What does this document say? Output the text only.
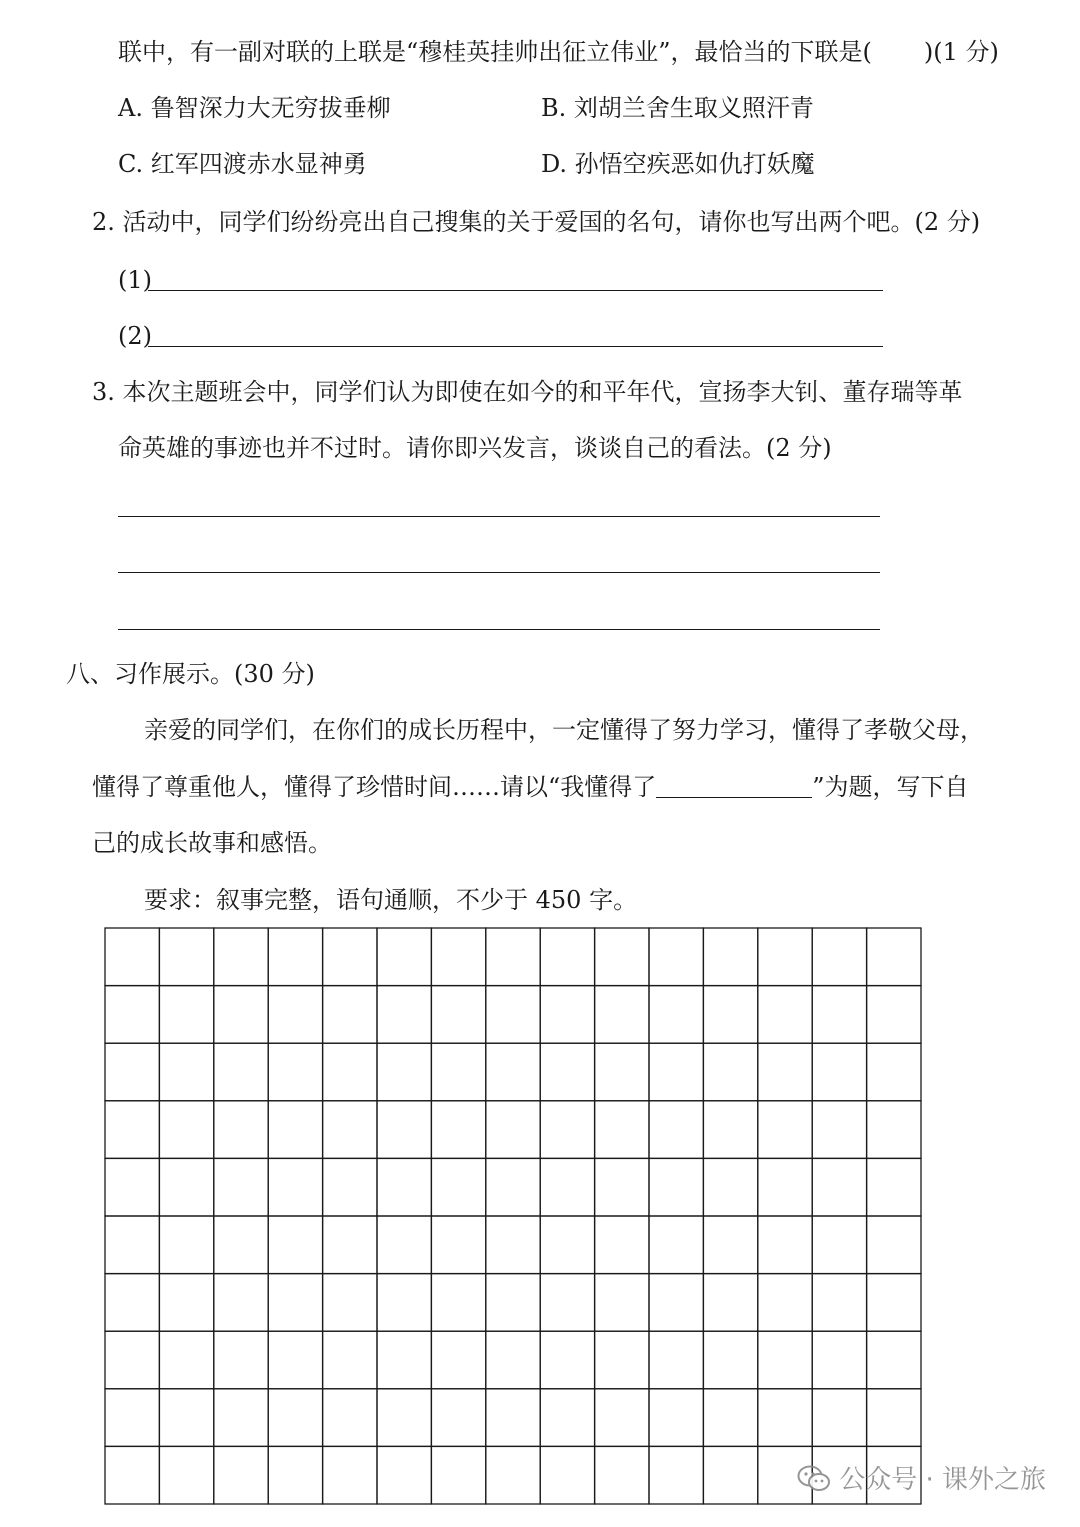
联中，有一副对联的上联是“穆桂英挂帅出征立伟业”，最恰当的下联是( )(1 分)
A. 鲁智深力大无穷拔垂柳	B. 刘胡兰舍生取义照汗青
C. 红军四渡赤水显神勇	D. 孙悟空疾恶如仇打妖魔
2. 活动中，同学们纷纷亮出自己搜集的关于爱国的名句，请你也写出两个吧。(2 分)
(1)
(2)
3. 本次主题班会中，同学们认为即使在如今的和平年代，宣扬李大钊、董存瑞等革
命英雄的事迹也并不过时。请你即兴发言，谈谈自己的看法。(2 分)
八、习作展示。(30 分)
亲爱的同学们，在你们的成长历程中，一定懂得了努力学习，懂得了孝敬父母，
懂得了尊重他人，懂得了珍惜时间……请以“我懂得了	”为题，写下自
己的成长故事和感悟。
要求：叙事完整，语句通顺，不少于 450 字。
公众号 · 课外之旅
